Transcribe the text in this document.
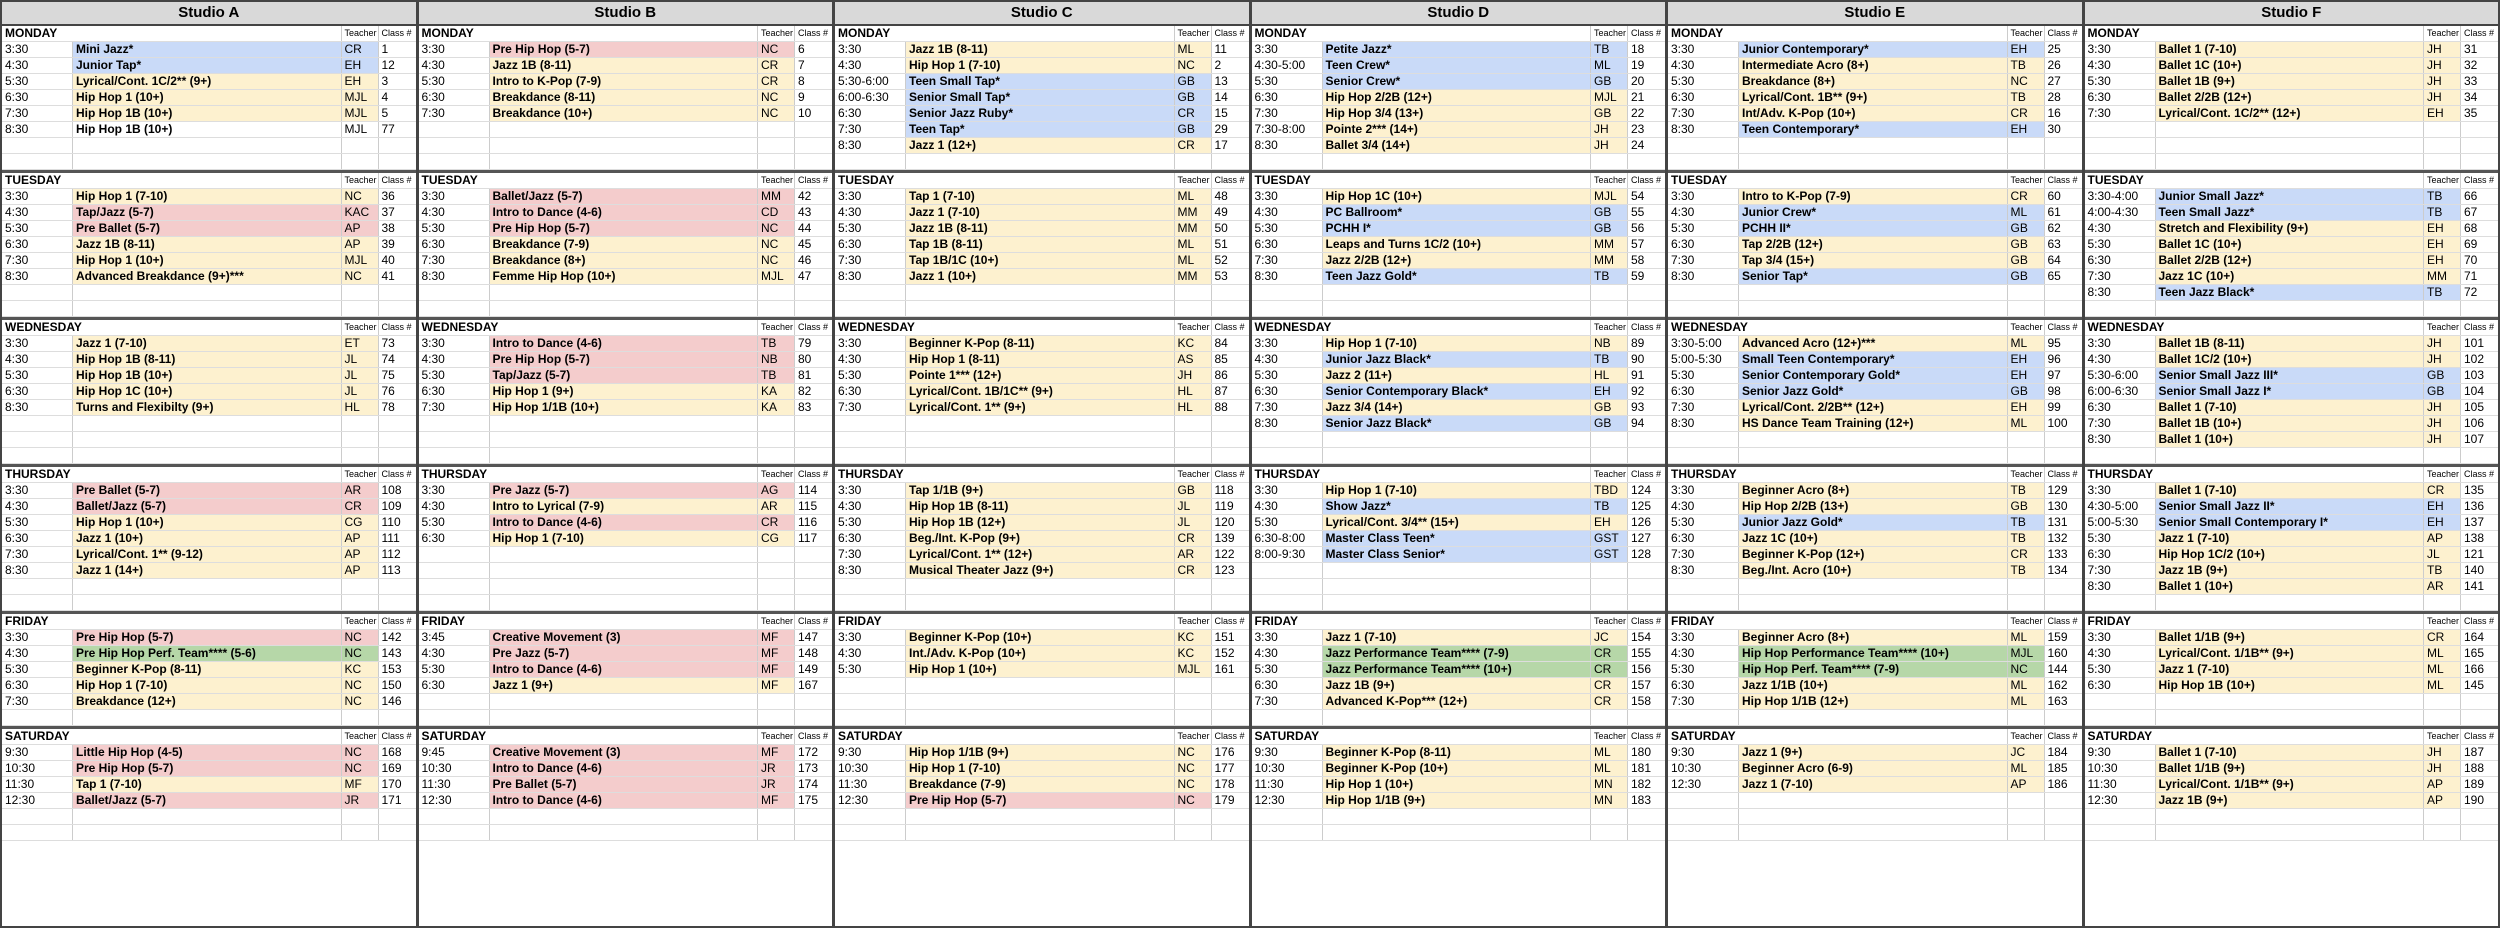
Studio A
MONDAY	Teacher Class #
3:30	Mini Jazz*	CR	1
4:30	Junior Tap*	EH	12
5:30	Lyrical/Cont. 1C/2** (9+)	EH	3
6:30	Hip Hop 1 (10+)	MJL	4
7:30	Hip Hop 1B (10+)	MJL	5
8:30	Hip Hop 1B (10+)	MJL	77
TUESDAY	Teacher Class #
3:30	Hip Hop 1 (7-10)	NC	36
4:30	Tap/Jazz (5-7)	KAC	37
5:30	Pre Ballet (5-7)	AP	38
6:30	Jazz 1B (8-11)	AP	39
7:30	Hip Hop 1 (10+)	MJL	40
8:30	Advanced Breakdance (9+)***	NC	41
WEDNESDAY	Teacher Class #
3:30	Jazz 1 (7-10)	ET	73
4:30	Hip Hop 1B (8-11)	JL	74
5:30	Hip Hop 1B (10+)	JL	75
6:30	Hip Hop 1C (10+)	JL	76
8:30	Turns and Flexibilty (9+)	HL	78
THURSDAY	Teacher Class #
3:30	Pre Ballet (5-7)	AR	108
4:30	Ballet/Jazz (5-7)	CR	109
5:30	Hip Hop 1 (10+)	CG	110
6:30	Jazz 1 (10+)	AP	111
7:30	Lyrical/Cont. 1** (9-12)	AP	112
8:30	Jazz 1 (14+)	AP	113
FRIDAY	Teacher Class #
3:30	Pre Hip Hop (5-7)	NC	142
4:30	Pre Hip Hop Perf. Team**** (5-6)	NC	143
5:30	Beginner K-Pop (8-11)	KC	153
6:30	Hip Hop 1 (7-10)	NC	150
7:30	Breakdance (12+)	NC	146
SATURDAY	Teacher Class #
9:30	Little Hip Hop (4-5)	NC	168
10:30	Pre Hip Hop (5-7)	NC	169
11:30	Tap 1 (7-10)	MF	170
12:30	Ballet/Jazz (5-7)	JR	171
Studio B
MONDAY	Teacher Class #
3:30	Pre Hip Hop (5-7)	NC	6
4:30	Jazz 1B (8-11)	CR	7
5:30	Intro to K-Pop (7-9)	CR	8
6:30	Breakdance (8-11)	NC	9
7:30	Breakdance (10+)	NC	10
TUESDAY	Teacher Class #
3:30	Ballet/Jazz (5-7)	MM	42
4:30	Intro to Dance (4-6)	CD	43
5:30	Pre Hip Hop (5-7)	NC	44
6:30	Breakdance (7-9)	NC	45
7:30	Breakdance (8+)	NC	46
8:30	Femme Hip Hop (10+)	MJL	47
WEDNESDAY	Teacher Class #
3:30	Intro to Dance (4-6)	TB	79
4:30	Pre Hip Hop (5-7)	NB	80
5:30	Tap/Jazz (5-7)	TB	81
6:30	Hip Hop 1 (9+)	KA	82
7:30	Hip Hop 1/1B (10+)	KA	83
THURSDAY	Teacher Class #
3:30	Pre Jazz (5-7)	AG	114
4:30	Intro to Lyrical (7-9)	AR	115
5:30	Intro to Dance (4-6)	CR	116
6:30	Hip Hop 1 (7-10)	CG	117
FRIDAY	Teacher Class #
3:45	Creative Movement (3)	MF	147
4:30	Pre Jazz (5-7)	MF	148
5:30	Intro to Dance (4-6)	MF	149
6:30	Jazz 1 (9+)	MF	167
SATURDAY	Teacher Class #
9:45	Creative Movement (3)	MF	172
10:30	Intro to Dance (4-6)	JR	173
11:30	Pre Ballet (5-7)	JR	174
12:30	Intro to Dance (4-6)	MF	175
Studio C
MONDAY	Teacher Class #
3:30	Jazz 1B (8-11)	ML	11
4:30	Hip Hop 1 (7-10)	NC	2
5:30-6:00	Teen Small Tap*	GB	13
6:00-6:30	Senior Small Tap*	GB	14
6:30	Senior Jazz Ruby*	CR	15
7:30	Teen Tap*	GB	29
8:30	Jazz 1 (12+)	CR	17
TUESDAY	Teacher Class #
3:30	Tap 1 (7-10)	ML	48
4:30	Jazz 1 (7-10)	MM	49
5:30	Jazz 1B (8-11)	MM	50
6:30	Tap 1B (8-11)	ML	51
7:30	Tap 1B/1C (10+)	ML	52
8:30	Jazz 1 (10+)	MM	53
WEDNESDAY	Teacher Class #
3:30	Beginner K-Pop (8-11)	KC	84
4:30	Hip Hop 1 (8-11)	AS	85
5:30	Pointe 1*** (12+)	JH	86
6:30	Lyrical/Cont. 1B/1C** (9+)	HL	87
7:30	Lyrical/Cont. 1** (9+)	HL	88
THURSDAY	Teacher Class #
3:30	Tap 1/1B (9+)	GB	118
4:30	Hip Hop 1B (8-11)	JL	119
5:30	Hip Hop 1B (12+)	JL	120
6:30	Beg./Int. K-Pop (9+)	CR	139
7:30	Lyrical/Cont. 1** (12+)	AR	122
8:30	Musical Theater Jazz (9+)	CR	123
FRIDAY	Teacher Class #
3:30	Beginner K-Pop (10+)	KC	151
4:30	Int./Adv. K-Pop (10+)	KC	152
5:30	Hip Hop 1 (10+)	MJL	161
SATURDAY	Teacher Class #
9:30	Hip Hop 1/1B (9+)	NC	176
10:30	Hip Hop 1 (7-10)	NC	177
11:30	Breakdance (7-9)	NC	178
12:30	Pre Hip Hop (5-7)	NC	179
Studio D
MONDAY	Teacher Class #
3:30	Petite Jazz*	TB	18
4:30-5:00	Teen Crew*	ML	19
5:30	Senior Crew*	GB	20
6:30	Hip Hop 2/2B (12+)	MJL	21
7:30	Hip Hop 3/4 (13+)	GB	22
7:30-8:00	Pointe 2*** (14+)	JH	23
8:30	Ballet 3/4 (14+)	JH	24
TUESDAY	Teacher Class #
3:30	Hip Hop 1C (10+)	MJL	54
4:30	PC Ballroom*	GB	55
5:30	PCHH I*	GB	56
6:30	Leaps and Turns 1C/2 (10+)	MM	57
7:30	Jazz 2/2B (12+)	MM	58
8:30	Teen Jazz Gold*	TB	59
WEDNESDAY	Teacher Class #
3:30	Hip Hop 1 (7-10)	NB	89
4:30	Junior Jazz Black*	TB	90
5:30	Jazz 2 (11+)	HL	91
6:30	Senior Contemporary Black*	EH	92
7:30	Jazz 3/4 (14+)	GB	93
8:30	Senior Jazz Black*	GB	94
THURSDAY	Teacher Class #
3:30	Hip Hop 1 (7-10)	TBD	124
4:30	Show Jazz*	TB	125
5:30	Lyrical/Cont. 3/4** (15+)	EH	126
6:30-8:00	Master Class Teen*	GST	127
8:00-9:30	Master Class Senior*	GST	128
FRIDAY	Teacher Class #
3:30	Jazz 1 (7-10)	JC	154
4:30	Jazz Performance Team**** (7-9)	CR	155
5:30	Jazz Performance Team**** (10+)	CR	156
6:30	Jazz 1B (9+)	CR	157
7:30	Advanced K-Pop*** (12+)	CR	158
SATURDAY	Teacher Class #
9:30	Beginner K-Pop (8-11)	ML	180
10:30	Beginner K-Pop (10+)	ML	181
11:30	Hip Hop 1 (10+)	MN	182
12:30	Hip Hop 1/1B (9+)	MN	183
Studio E
MONDAY	Teacher Class #
3:30	Junior Contemporary*	EH	25
4:30	Intermediate Acro (8+)	TB	26
5:30	Breakdance (8+)	NC	27
6:30	Lyrical/Cont. 1B** (9+)	TB	28
7:30	Int/Adv. K-Pop (10+)	CR	16
8:30	Teen Contemporary*	EH	30
TUESDAY	Teacher Class #
3:30	Intro to K-Pop (7-9)	CR	60
4:30	Junior Crew*	ML	61
5:30	PCHH II*	GB	62
6:30	Tap 2/2B (12+)	GB	63
7:30	Tap 3/4 (15+)	GB	64
8:30	Senior Tap*	GB	65
WEDNESDAY	Teacher Class #
3:30-5:00	Advanced Acro (12+)***	ML	95
5:00-5:30	Small Teen Contemporary*	EH	96
5:30	Senior Contemporary Gold*	EH	97
6:30	Senior Jazz Gold*	GB	98
7:30	Lyrical/Cont. 2/2B** (12+)	EH	99
8:30	HS Dance Team Training (12+)	ML	100
THURSDAY	Teacher Class #
3:30	Beginner Acro (8+)	TB	129
4:30	Hip Hop 2/2B (13+)	GB	130
5:30	Junior Jazz Gold*	TB	131
6:30	Jazz 1C (10+)	TB	132
7:30	Beginner K-Pop (12+)	CR	133
8:30	Beg./Int. Acro (10+)	TB	134
FRIDAY	Teacher Class #
3:30	Beginner Acro (8+)	ML	159
4:30	Hip Hop Performance Team**** (10+)	MJL	160
5:30	Hip Hop Perf. Team**** (7-9)	NC	144
6:30	Jazz 1/1B (10+)	ML	162
7:30	Hip Hop 1/1B (12+)	ML	163
SATURDAY	Teacher Class #
9:30	Jazz 1 (9+)	JC	184
10:30	Beginner Acro (6-9)	ML	185
12:30	Jazz 1 (7-10)	AP	186
Studio F
MONDAY	Teacher Class #
3:30	Ballet 1 (7-10)	JH	31
4:30	Ballet 1C (10+)	JH	32
5:30	Ballet 1B (9+)	JH	33
6:30	Ballet 2/2B (12+)	JH	34
7:30	Lyrical/Cont. 1C/2** (12+)	EH	35
TUESDAY	Teacher Class #
3:30-4:00	Junior Small Jazz*	TB	66
4:00-4:30	Teen Small Jazz*	TB	67
4:30	Stretch and Flexibility (9+)	EH	68
5:30	Ballet 1C (10+)	EH	69
6:30	Ballet 2/2B (12+)	EH	70
7:30	Jazz 1C (10+)	MM	71
8:30	Teen Jazz Black*	TB	72
WEDNESDAY	Teacher Class #
3:30	Ballet 1B (8-11)	JH	101
4:30	Ballet 1C/2 (10+)	JH	102
5:30-6:00	Senior Small Jazz III*	GB	103
6:00-6:30	Senior Small Jazz I*	GB	104
6:30	Ballet 1 (7-10)	JH	105
7:30	Ballet 1B (10+)	JH	106
8:30	Ballet 1 (10+)	JH	107
THURSDAY	Teacher Class #
3:30	Ballet 1 (7-10)	CR	135
4:30-5:00	Senior Small Jazz II*	EH	136
5:00-5:30	Senior Small Contemporary I*	EH	137
5:30	Jazz 1 (7-10)	AP	138
6:30	Hip Hop 1C/2 (10+)	JL	121
7:30	Jazz 1B (9+)	TB	140
8:30	Ballet 1 (10+)	AR	141
FRIDAY	Teacher Class #
3:30	Ballet 1/1B (9+)	CR	164
4:30	Lyrical/Cont. 1/1B** (9+)	ML	165
5:30	Jazz 1 (7-10)	ML	166
6:30	Hip Hop 1B (10+)	ML	145
SATURDAY	Teacher Class #
9:30	Ballet 1 (7-10)	JH	187
10:30	Ballet 1/1B (9+)	JH	188
11:30	Lyrical/Cont. 1/1B** (9+)	AP	189
12:30	Jazz 1B (9+)	AP	190
